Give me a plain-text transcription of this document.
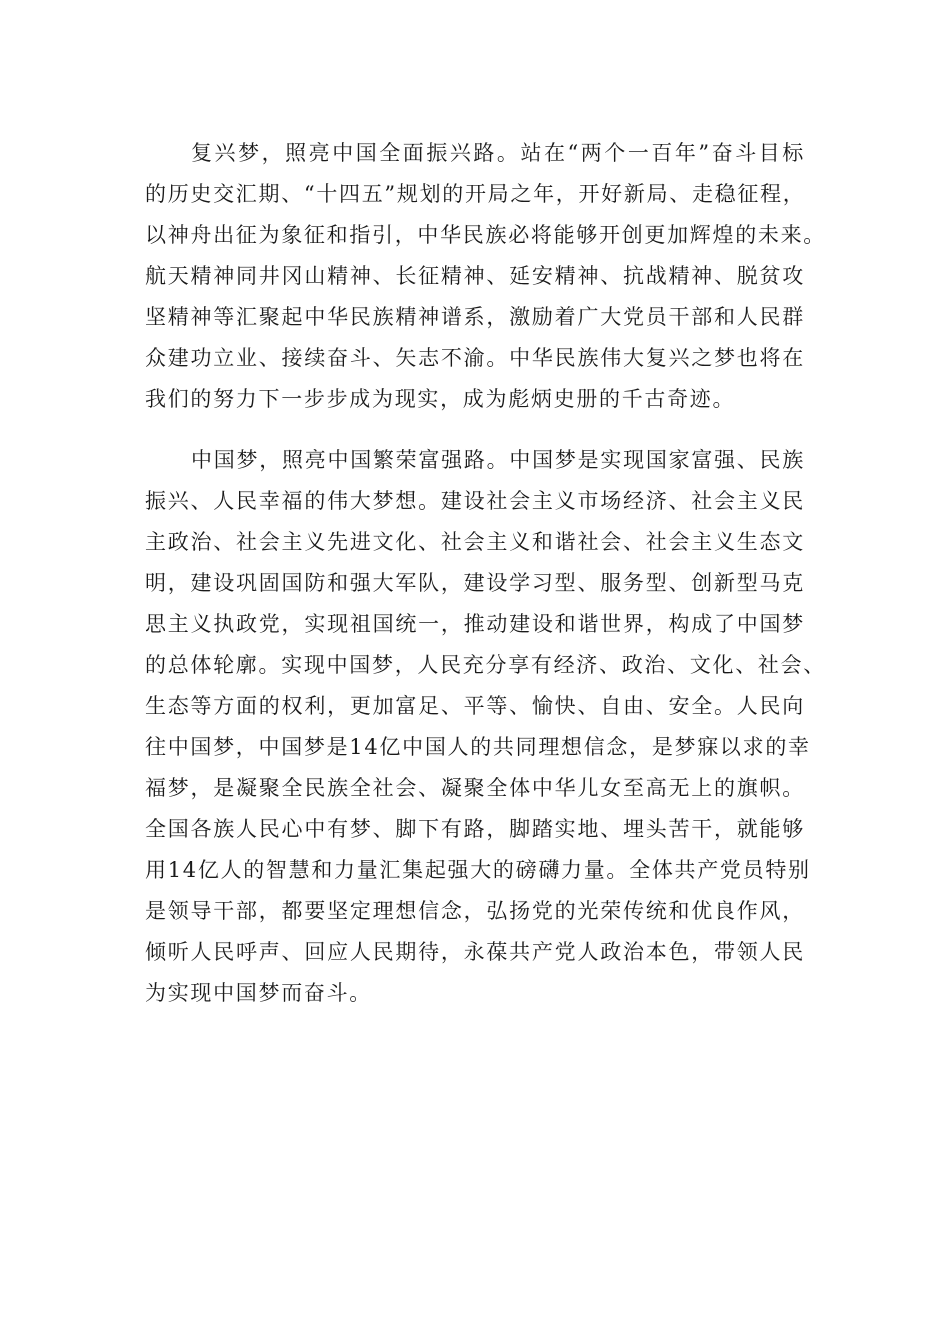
复兴梦，照亮中国全面振兴路。站在“两个一百年”奋斗目标
的历史交汇期、“十四五”规划的开局之年，开好新局、走稳征程，
以神舟出征为象征和指引，中华民族必将能够开创更加辉煌的未来。
航天精神同井冈山精神、长征精神、延安精神、抗战精神、脱贫攻
坚精神等汇聚起中华民族精神谱系，激励着广大党员干部和人民群
众建功立业、接续奋斗、矢志不渝。中华民族伟大复兴之梦也将在
我们的努力下一步步成为现实，成为彪炳史册的千古奇迹。
中国梦，照亮中国繁荣富强路。中国梦是实现国家富强、民族
振兴、人民幸福的伟大梦想。建设社会主义市场经济、社会主义民
主政治、社会主义先进文化、社会主义和谐社会、社会主义生态文
明，建设巩固国防和强大军队，建设学习型、服务型、创新型马克
思主义执政党，实现祖国统一，推动建设和谐世界，构成了中国梦
的总体轮廓。实现中国梦，人民充分享有经济、政治、文化、社会、
生态等方面的权利，更加富足、平等、愉快、自由、安全。人民向
往中国梦，中国梦是14亿中国人的共同理想信念，是梦寐以求的幸
福梦，是凝聚全民族全社会、凝聚全体中华儿女至高无上的旗帜。
全国各族人民心中有梦、脚下有路，脚踏实地、埋头苦干，就能够
用14亿人的智慧和力量汇集起强大的磅礴力量。全体共产党员特别
是领导干部，都要坚定理想信念，弘扬党的光荣传统和优良作风，
倾听人民呼声、回应人民期待，永葆共产党人政治本色，带领人民
为实现中国梦而奋斗。
